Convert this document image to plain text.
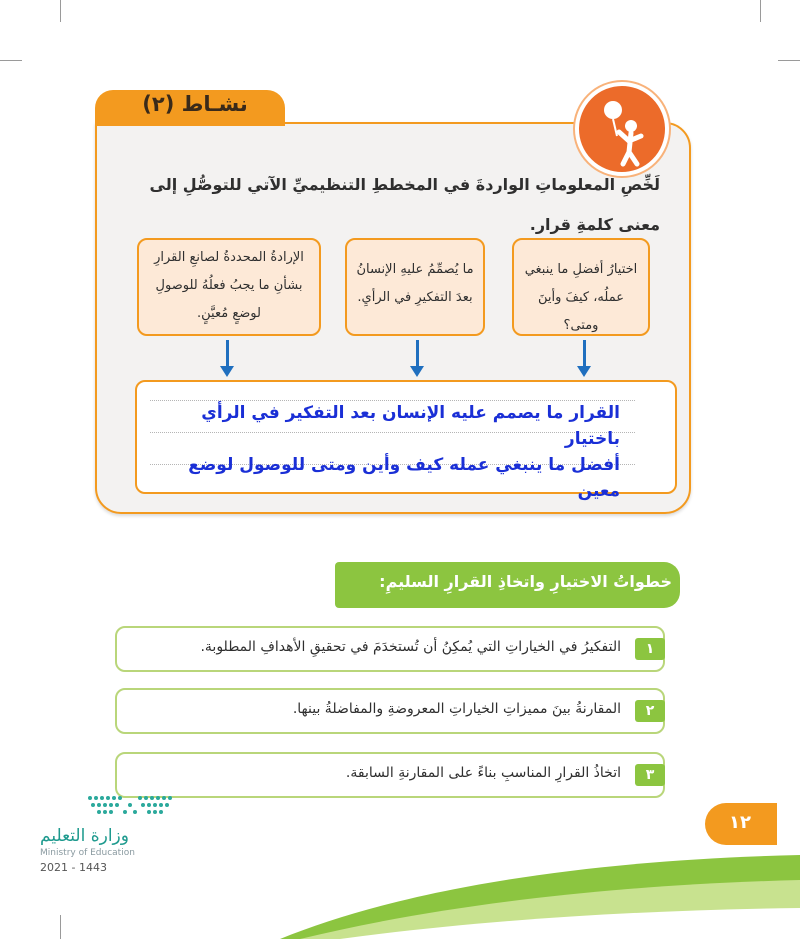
نشـاط (٢)
لَخِّصِ المعلوماتِ الواردةَ في المخططِ التنظيميِّ الآتي للتوصُّلِ إلى معنى كلمةِ قرار.
اختيارُ أفضلِ ما ينبغي عملُه، كيفَ وأينَ ومتى؟
ما يُصمِّمُ عليهِ الإنسانُ بعدَ التفكيرِ في الرأيِ.
الإرادةُ المحددةُ لصانعِ القرارِ بشأنِ ما يجبُ فعلُهُ للوصولِ لوضعٍ مُعيَّنٍ.
القرار ما يصمم عليه الإنسان بعد التفكير في الرأي باختيار
أفضل ما ينبغي عمله كيف وأين ومتى للوصول لوضع معين
خطواتُ الاختيارِ واتخاذِ القرارِ السليمِ:
١
التفكيرُ في الخياراتِ التي يُمكِنُ أن تُستخدَمَ في تحقيقِ الأهدافِ المطلوبة.
٢
المقارنةُ بينَ مميزاتِ الخياراتِ المعروضةِ والمفاضلةُ بينها.
٣
اتخاذُ القرارِ المناسبِ بناءً على المقارنةِ السابقة.
١٢
وزارة التعليم
Ministry of Education
2021 - 1443
